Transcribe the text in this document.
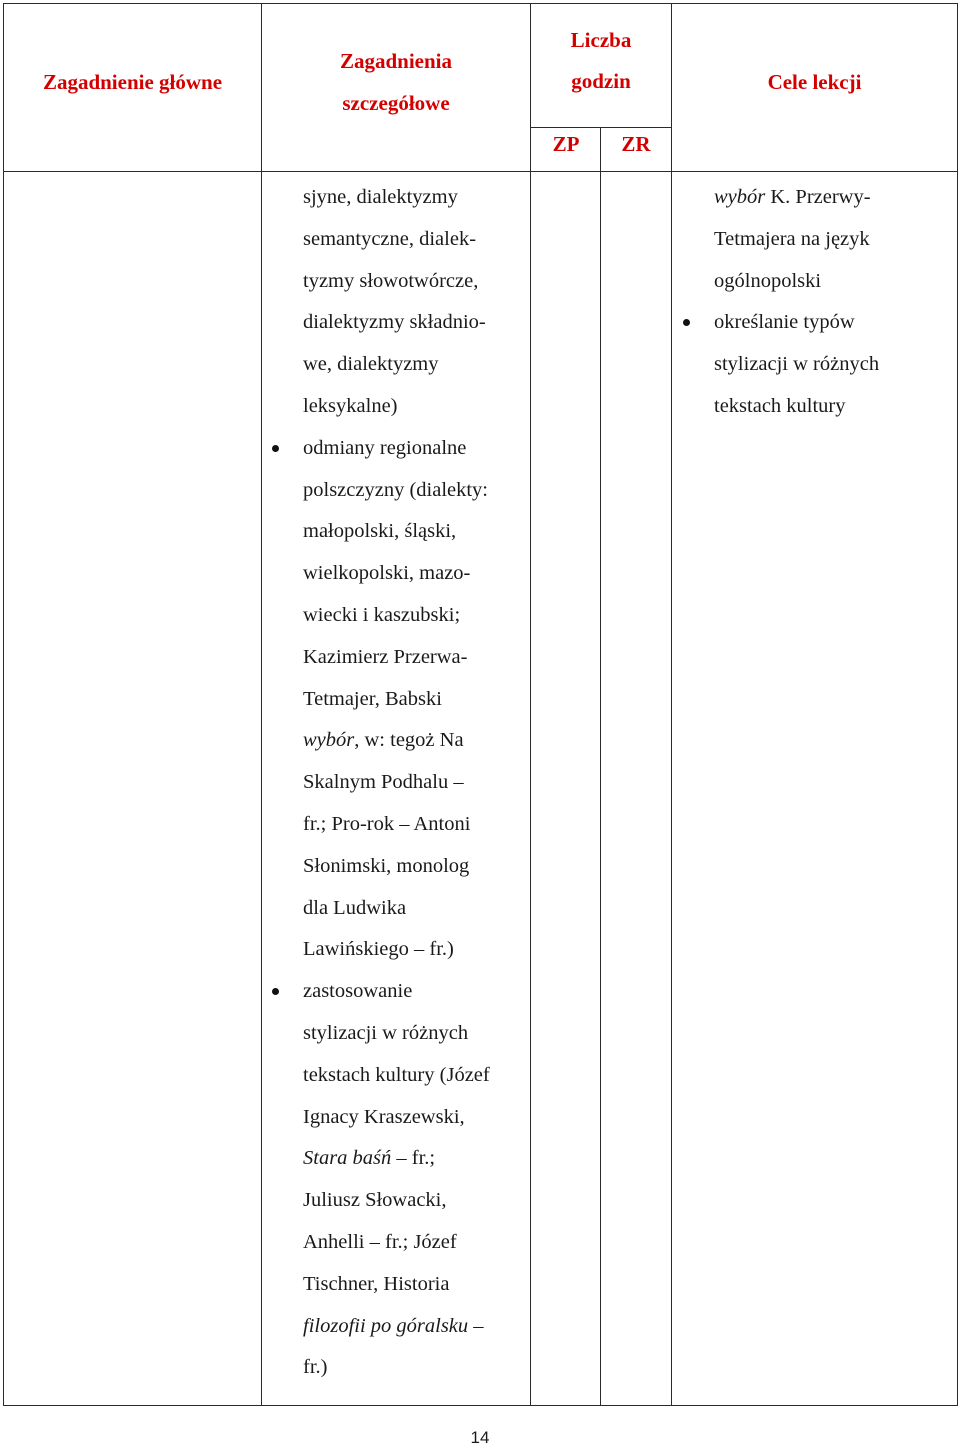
Zagadnienie główne
Zagadnienia
szczegółowe
Liczba
godzin
ZP	ZR
Cele lekcji
sjyne, dialektyzmy
semantyczne, dialek-
tyzmy słowotwórcze,
dialektyzmy składnio-
we, dialektyzmy
leksykalne)
odmiany regionalne
polszczyzny (dialekty:
małopolski, śląski,
wielkopolski, mazo-
wiecki i kaszubski;
Kazimierz Przerwa-
Tetmajer, Babski
wybór, w: tegoż Na
Skalnym Podhalu –
fr.; Pro-rok – Antoni
Słonimski, monolog
dla Ludwika
Lawińskiego – fr.)
zastosowanie
stylizacji w różnych
tekstach kultury (Józef
Ignacy Kraszewski,
Stara baśń – fr.;
Juliusz Słowacki,
Anhelli – fr.; Józef
Tischner, Historia
filozofii po góralsku –
fr.)
wybór K. Przerwy-
Tetmajera na język
ogólnopolski
określanie typów
stylizacji w różnych
tekstach kultury
14
